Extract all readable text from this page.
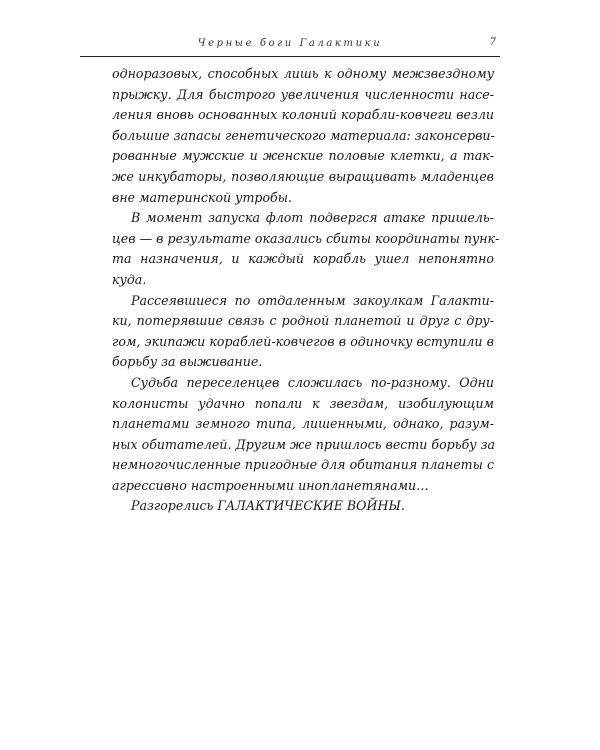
Черные боги Галактики	7

одноразовых, способных лишь к одному межзвездному
прыжку. Для быстрого увеличения численности насе-
ления вновь основанных колоний корабли-ковчеги везли
большие запасы генетического материала: законсерви-
рованные мужские и женские половые клетки, а так-
же инкубаторы, позволяющие выращивать младенцев
вне материнской утробы.

В момент запуска флот подвергся атаке пришель-
цев — в результате оказались сбиты координаты пунк-
та назначения, и каждый корабль ушел непонятно
куда.

Рассеявшиеся по отдаленным закоулкам Галакти-
ки, потерявшие связь с родной планетой и друг с дру-
гом, экипажи кораблей-ковчегов в одиночку вступили в
борьбу за выживание.

Судьба переселенцев сложилась по-разному. Одни
колонисты удачно попали к звездам, изобилующим
планетами земного типа, лишенными, однако, разум-
ных обитателей. Другим же пришлось вести борьбу за
немногочисленные пригодные для обитания планеты с
агрессивно настроенными инопланетянами…

Разгорелись ГАЛАКТИЧЕСКИЕ ВОЙНЫ.
